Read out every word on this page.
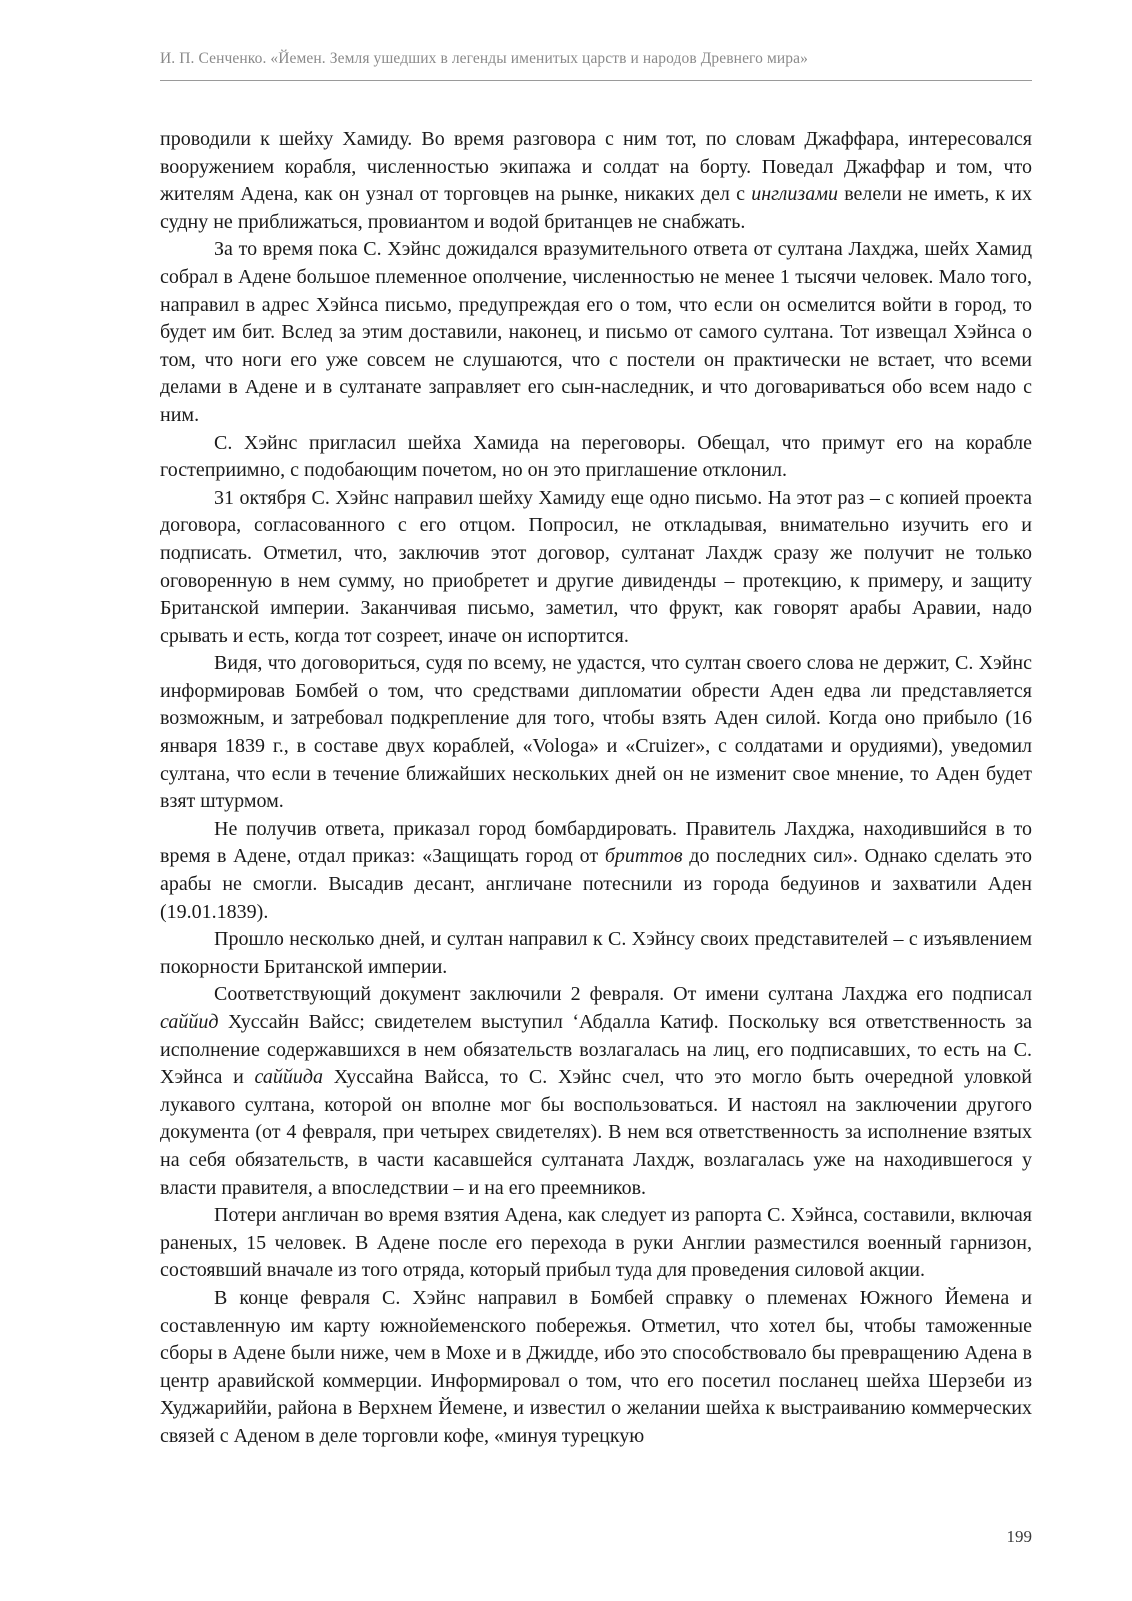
И. П. Сенченко. «Йемен. Земля ушедших в легенды именитых царств и народов Древнего мира»

проводили к шейху Хамиду. Во время разговора с ним тот, по словам Джаффара, интересовался вооружением корабля, численностью экипажа и солдат на борту. Поведал Джаффар и том, что жителям Адена, как он узнал от торговцев на рынке, никаких дел с инглизами велели не иметь, к их судну не приближаться, провиантом и водой британцев не снабжать.

За то время пока С. Хэйнс дожидался вразумительного ответа от султана Лахджа, шейх Хамид собрал в Адене большое племенное ополчение, численностью не менее 1 тысячи человек. Мало того, направил в адрес Хэйнса письмо, предупреждая его о том, что если он осмелится войти в город, то будет им бит. Вслед за этим доставили, наконец, и письмо от самого султана. Тот извещал Хэйнса о том, что ноги его уже совсем не слушаются, что с постели он практически не встает, что всеми делами в Адене и в султанате заправляет его сын-наследник, и что договариваться обо всем надо с ним.

С. Хэйнс пригласил шейха Хамида на переговоры. Обещал, что примут его на корабле гостеприимно, с подобающим почетом, но он это приглашение отклонил.

31 октября С. Хэйнс направил шейху Хамиду еще одно письмо. На этот раз – с копией проекта договора, согласованного с его отцом. Попросил, не откладывая, внимательно изучить его и подписать. Отметил, что, заключив этот договор, султанат Лахдж сразу же получит не только оговоренную в нем сумму, но приобретет и другие дивиденды – протекцию, к примеру, и защиту Британской империи. Заканчивая письмо, заметил, что фрукт, как говорят арабы Аравии, надо срывать и есть, когда тот созреет, иначе он испортится.

Видя, что договориться, судя по всему, не удастся, что султан своего слова не держит, С. Хэйнс информировав Бомбей о том, что средствами дипломатии обрести Аден едва ли представляется возможным, и затребовал подкрепление для того, чтобы взять Аден силой. Когда оно прибыло (16 января 1839 г., в составе двух кораблей, «Vologa» и «Cruizer», с солдатами и орудиями), уведомил султана, что если в течение ближайших нескольких дней он не изменит свое мнение, то Аден будет взят штурмом.

Не получив ответа, приказал город бомбардировать. Правитель Лахджа, находившийся в то время в Адене, отдал приказ: «Защищать город от бриттов до последних сил». Однако сделать это арабы не смогли. Высадив десант, англичане потеснили из города бедуинов и захватили Аден (19.01.1839).

Прошло несколько дней, и султан направил к С. Хэйнсу своих представителей – с изъявлением покорности Британской империи.

Соответствующий документ заключили 2 февраля. От имени султана Лахджа его подписал саййид Хуссайн Вайсс; свидетелем выступил ‘Абдалла Катиф. Поскольку вся ответственность за исполнение содержавшихся в нем обязательств возлагалась на лиц, его подписавших, то есть на С. Хэйнса и саййида Хуссайна Вайсса, то С. Хэйнс счел, что это могло быть очередной уловкой лукавого султана, которой он вполне мог бы воспользоваться. И настоял на заключении другого документа (от 4 февраля, при четырех свидетелях). В нем вся ответственность за исполнение взятых на себя обязательств, в части касавшейся султаната Лахдж, возлагалась уже на находившегося у власти правителя, а впоследствии – и на его преемников.

Потери англичан во время взятия Адена, как следует из рапорта С. Хэйнса, составили, включая раненых, 15 человек. В Адене после его перехода в руки Англии разместился военный гарнизон, состоявший вначале из того отряда, который прибыл туда для проведения силовой акции.

В конце февраля С. Хэйнс направил в Бомбей справку о племенах Южного Йемена и составленную им карту южнойеменского побережья. Отметил, что хотел бы, чтобы таможенные сборы в Адене были ниже, чем в Мохе и в Джидде, ибо это способствовало бы превращению Адена в центр аравийской коммерции. Информировал о том, что его посетил посланец шейха Шерзеби из Худжариййи, района в Верхнем Йемене, и известил о желании шейха к выстраиванию коммерческих связей с Аденом в деле торговли кофе, «минуя турецкую

199
